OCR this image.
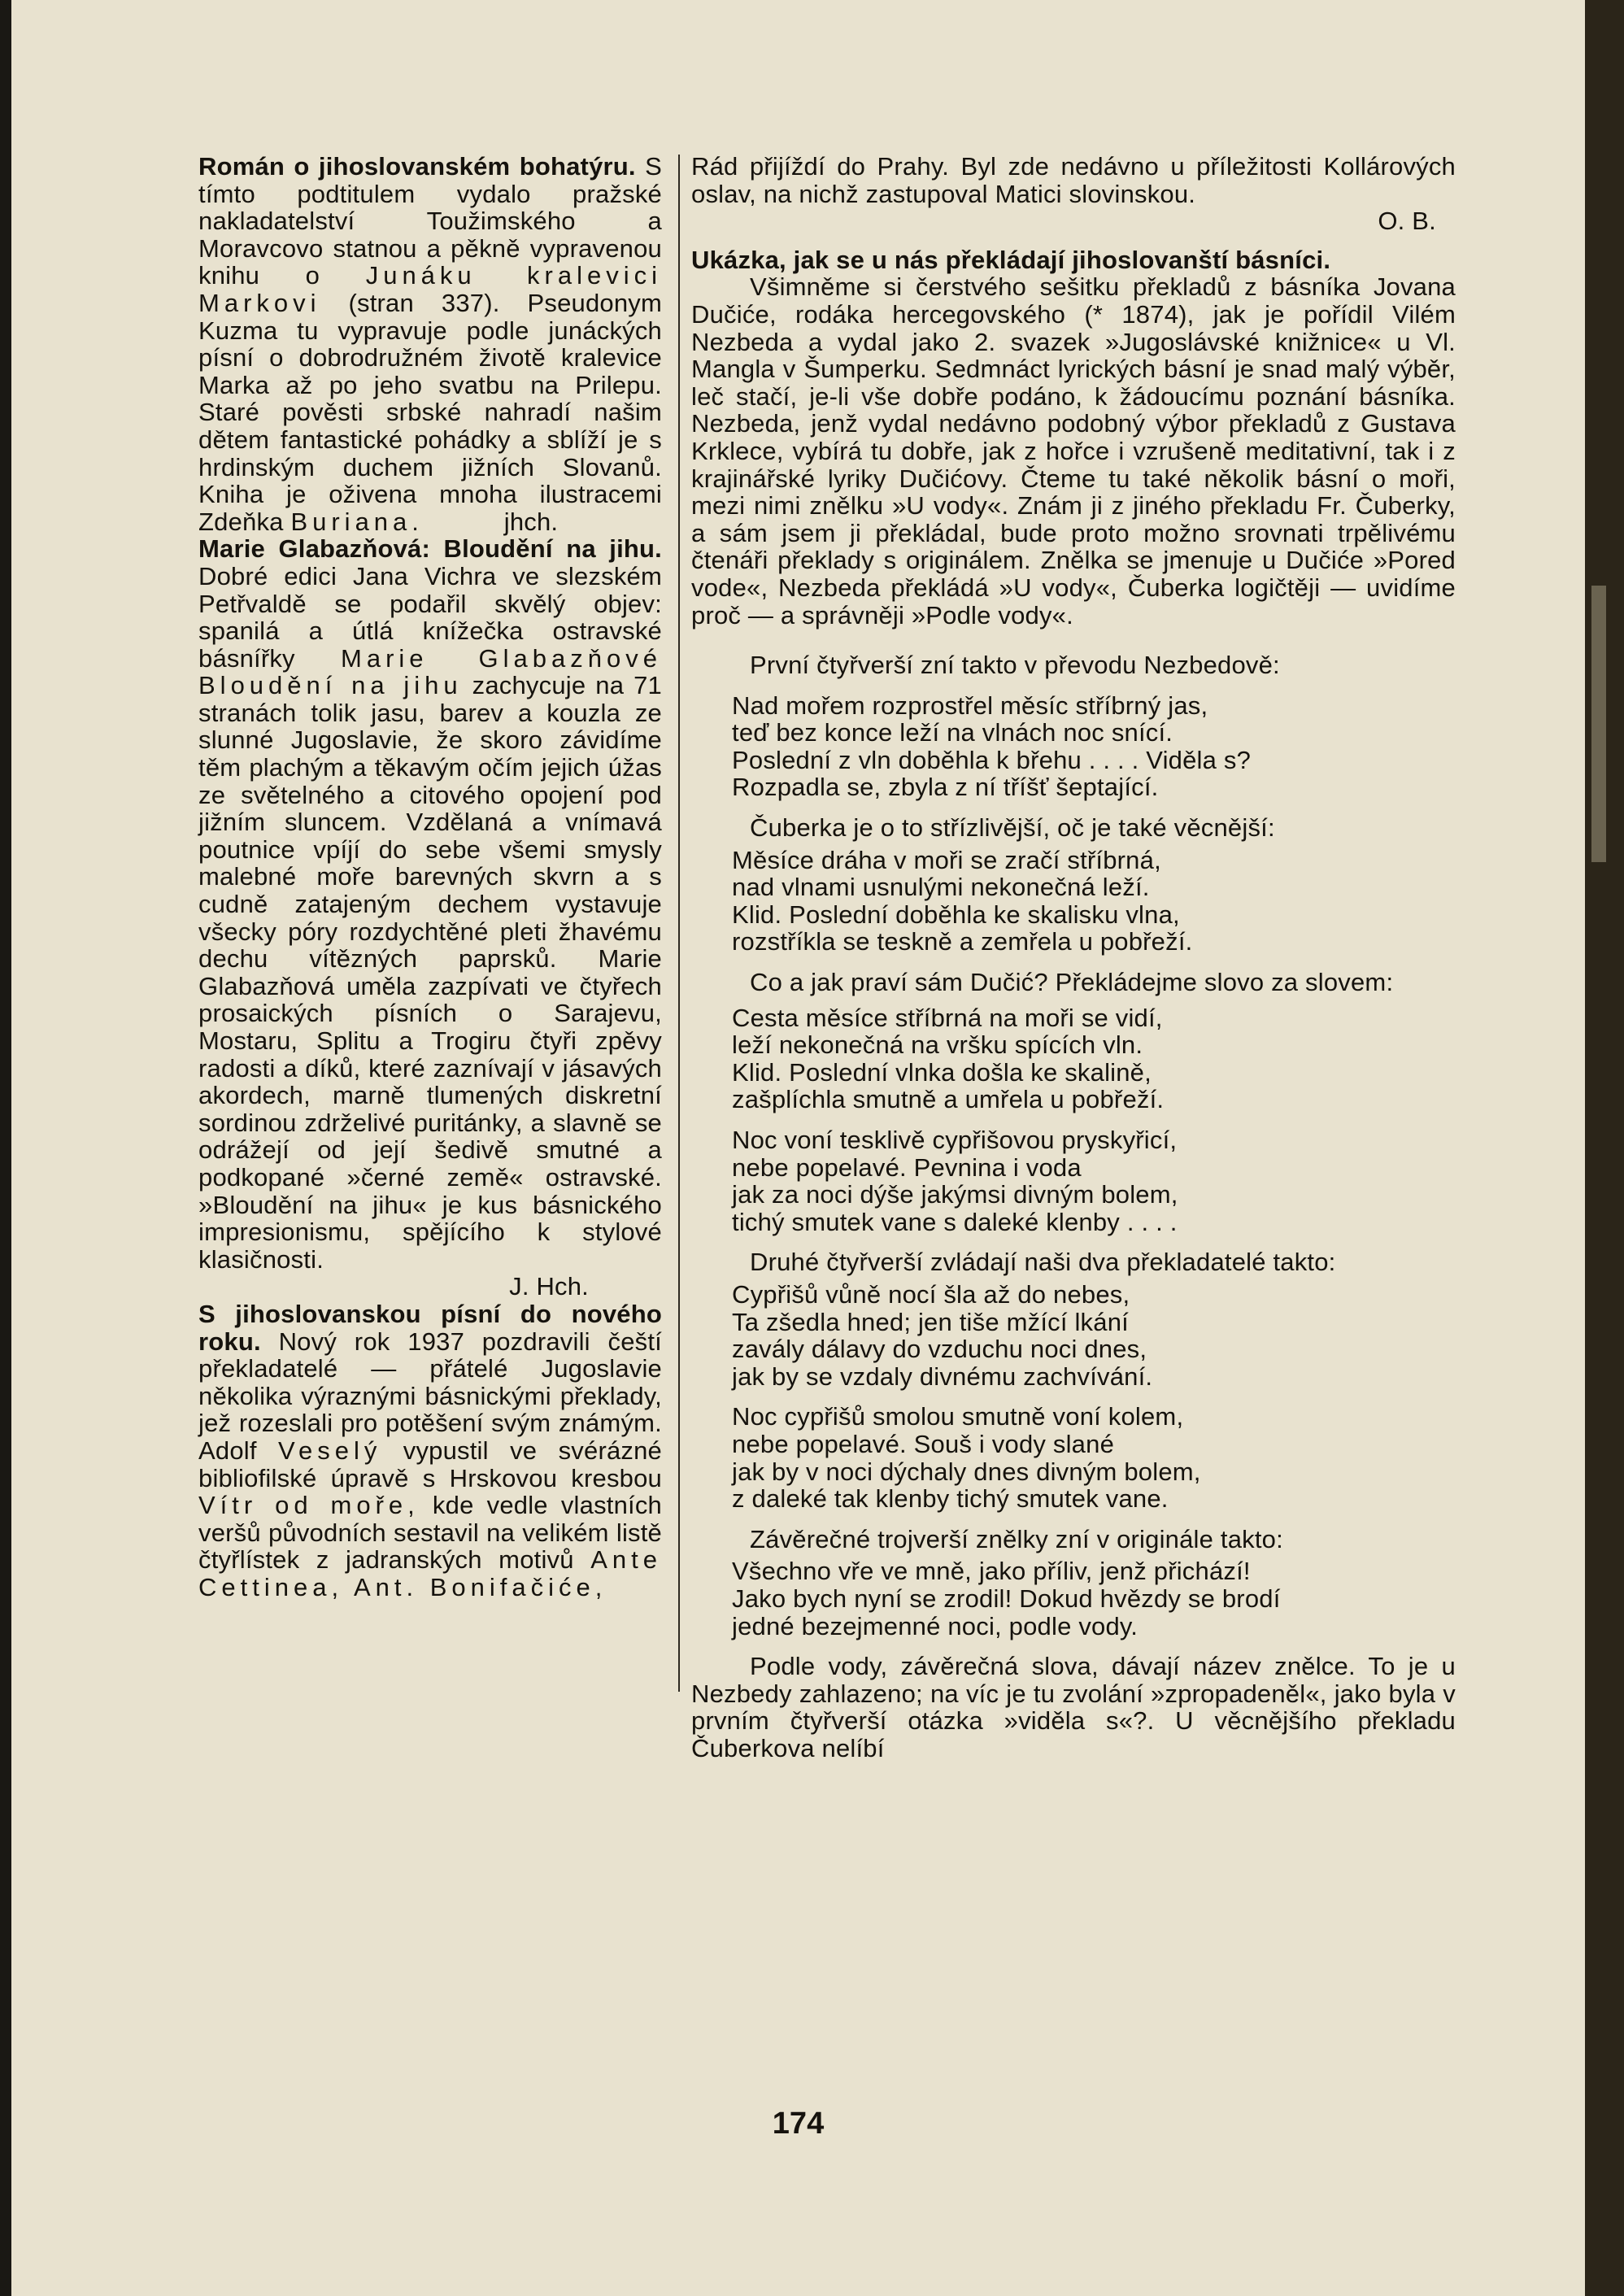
Román o jihoslovanském bohatýru. S tímto podtitulem vydalo pražské nakladatelství Toužimského a Moravcovo statnou a pěkně vypravenou knihu o Junáku kralevici Markovi (stran 337). Pseudonym Kuzma tu vypravuje podle junáckých písní o dobrodružném životě kralevice Marka až po jeho svatbu na Prilepu. Staré pověsti srbské nahradí našim dětem fantastické pohádky a sblíží je s hrdinským duchem jižních Slovanů. Kniha je oživena mnoha ilustracemi Zdeňka Buriana.	jhch.

Marie Glabazňová: Bloudění na jihu. Dobré edici Jana Vichra ve slezském Petřvaldě se podařil skvělý objev: spanilá a útlá knížečka ostravské básnířky Marie Glabazňové Bloudění na jihu zachycuje na 71 stranách tolik jasu, barev a kouzla ze slunné Jugoslavie, že skoro závidíme těm plachým a těkavým očím jejich úžas ze světelného a citového opojení pod jižním sluncem. Vzdělaná a vnímavá poutnice vpíjí do sebe všemi smysly malebné moře barevných skvrn a s cudně zatajeným dechem vystavuje všecky póry rozdychtěné pleti žhavému dechu vítězných paprsků. Marie Glabazňová uměla zazpívati ve čtyřech prosaických písních o Sarajevu, Mostaru, Splitu a Trogiru čtyři zpěvy radosti a díků, které zaznívají v jásavých akordech, marně tlumených diskretní sordinou zdrželivé puritánky, a slavně se odrážejí od její šedivě smutné a podkopané »černé země« ostravské. »Bloudění na jihu« je kus básnického impresionismu, spějícího k stylové klasičnosti.

J. Hch.

S jihoslovanskou písní do nového roku. Nový rok 1937 pozdravili čeští překladatelé — přátelé Jugoslavie několika výraznými básnickými překlady, jež rozeslali pro potěšení svým známým. Adolf Veselý vypustil ve svérázné bibliofilské úpravě s Hrskovou kresbou Vítr od moře, kde vedle vlastních veršů původních sestavil na velikém listě čtyřlístek z jadranských motivů Ante Cettinea, Ant. Bonifačiće,

Rád přijíždí do Prahy. Byl zde nedávno u příležitosti Kollárových oslav, na nichž zastupoval Matici slovinskou.

O. B.

Ukázka, jak se u nás překládají jihoslovanští básníci.

Všimněme si čerstvého sešitku překladů z básníka Jovana Dučiće, rodáka hercegovského (* 1874), jak je pořídil Vilém Nezbeda a vydal jako 2. svazek »Jugoslávské knižnice« u Vl. Mangla v Šumperku. Sedmnáct lyrických básní je snad malý výběr, leč stačí, je-li vše dobře podáno, k žádoucímu poznání básníka. Nezbeda, jenž vydal nedávno podobný výbor překladů z Gustava Krklece, vybírá tu dobře, jak z hořce i vzrušeně meditativní, tak i z krajinářské lyriky Dučićovy. Čteme tu také několik básní o moři, mezi nimi znělku »U vody«. Znám ji z jiného překladu Fr. Čuberky, a sám jsem ji překládal, bude proto možno srovnati trpělivému čtenáři překlady s originálem. Znělka se jmenuje u Dučiće »Pored vode«, Nezbeda překládá »U vody«, Čuberka logičtěji — uvidíme proč — a správněji »Podle vody«.

První čtyřverší zní takto v převodu Nezbedově:

Nad mořem rozprostřel měsíc stříbrný jas,

teď bez konce leží na vlnách noc snící.

Poslední z vln doběhla k břehu . . . . Viděla s?

Rozpadla se, zbyla z ní tříšť šeptající.

Čuberka je o to střízlivější, oč je také věcnější:

Měsíce dráha v moři se zračí stříbrná,

nad vlnami usnulými nekonečná leží.

Klid. Poslední doběhla ke skalisku vlna,

rozstříkla se teskně a zemřela u pobřeží.

Co a jak praví sám Dučić? Překládejme slovo za slovem:

Cesta měsíce stříbrná na moři se vidí,

leží nekonečná na vršku spících vln.

Klid. Poslední vlnka došla ke skalině,

zašplíchla smutně a umřela u pobřeží.

Noc voní tesklivě cypřišovou pryskyřicí,

nebe popelavé. Pevnina i voda

jak za noci dýše jakýmsi divným bolem,

tichý smutek vane s daleké klenby . . . .

Druhé čtyřverší zvládají naši dva překladatelé takto:

Cypřišů vůně nocí šla až do nebes,

Ta zšedla hned; jen tiše mžící lkání

zavály dálavy do vzduchu noci dnes,

jak by se vzdaly divnému zachvívání.

Noc cypřišů smolou smutně voní kolem,

nebe popelavé. Souš i vody slané

jak by v noci dýchaly dnes divným bolem,

z daleké tak klenby tichý smutek vane.

Závěrečné trojverší znělky zní v originále takto:

Všechno vře ve mně, jako příliv, jenž přichází!

Jako bych nyní se zrodil! Dokud hvězdy se brodí

jedné bezejmenné noci, podle vody.

Podle vody, závěrečná slova, dávají název znělce. To je u Nezbedy zahlazeno; na víc je tu zvolání »zpropadeněl«, jako byla v prvním čtyřverší otázka »viděla s«?. U věcnějšího překladu Čuberkova nelíbí

174
